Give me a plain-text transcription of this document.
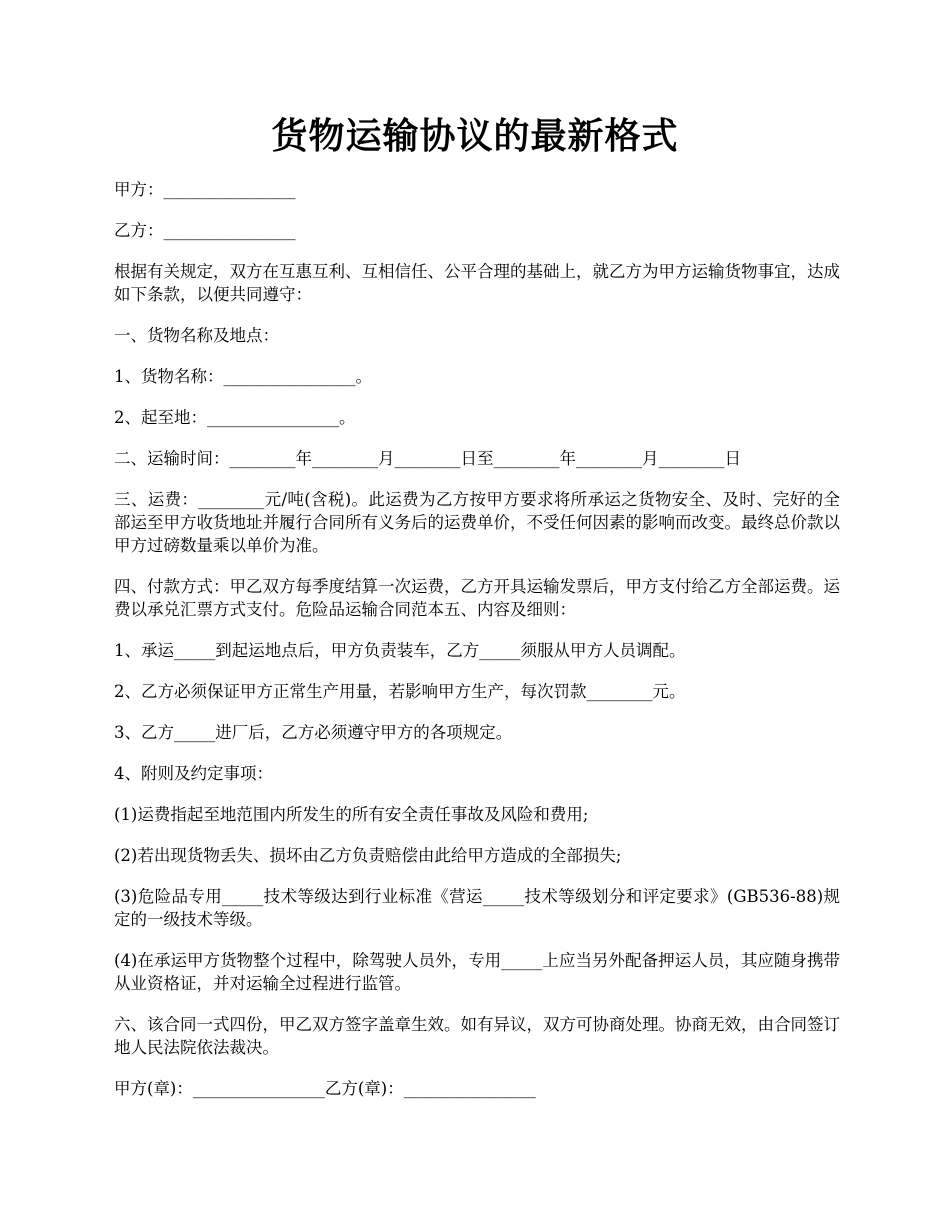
货物运输协议的最新格式

甲方：________________

乙方：________________

根据有关规定，双方在互惠互利、互相信任、公平合理的基础上，就乙方为甲方运输货物事宜，达成如下条款，以便共同遵守：

一、货物名称及地点：

1、货物名称：________________。

2、起至地：________________。

二、运输时间：________年________月________日至________年________月________日

三、运费：________元/吨(含税)。此运费为乙方按甲方要求将所承运之货物安全、及时、完好的全部运至甲方收货地址并履行合同所有义务后的运费单价，不受任何因素的影响而改变。最终总价款以甲方过磅数量乘以单价为准。

四、付款方式：甲乙双方每季度结算一次运费，乙方开具运输发票后，甲方支付给乙方全部运费。运费以承兑汇票方式支付。危险品运输合同范本五、内容及细则：

1、承运_____到起运地点后，甲方负责装车，乙方_____须服从甲方人员调配。

2、乙方必须保证甲方正常生产用量，若影响甲方生产，每次罚款________元。

3、乙方_____进厂后，乙方必须遵守甲方的各项规定。

4、附则及约定事项：

(1)运费指起至地范围内所发生的所有安全责任事故及风险和费用;

(2)若出现货物丢失、损坏由乙方负责赔偿由此给甲方造成的全部损失;

(3)危险品专用_____技术等级达到行业标准《营运_____技术等级划分和评定要求》(GB536-88)规定的一级技术等级。

(4)在承运甲方货物整个过程中，除驾驶人员外，专用_____上应当另外配备押运人员，其应随身携带从业资格证，并对运输全过程进行监管。

六、该合同一式四份，甲乙双方签字盖章生效。如有异议，双方可协商处理。协商无效，由合同签订地人民法院依法裁决。

甲方(章)：________________乙方(章)：________________
